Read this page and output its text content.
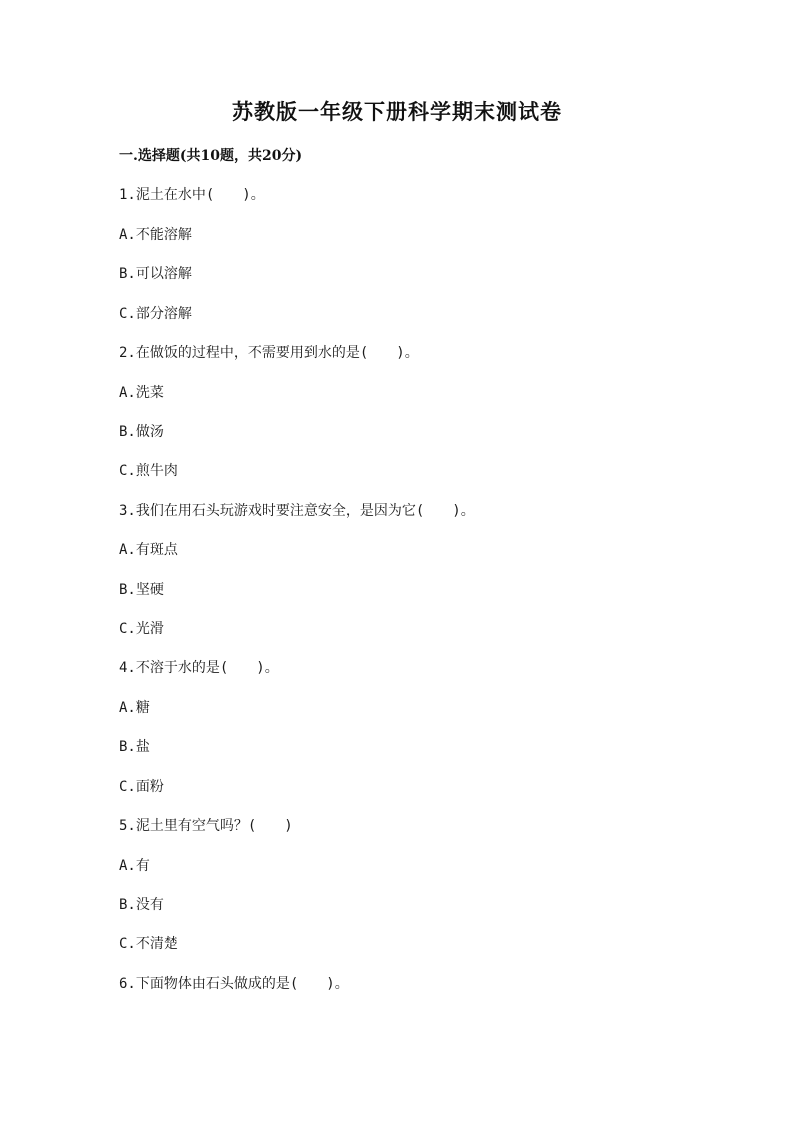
苏教版一年级下册科学期末测试卷
一.选择题(共10题，共20分)
1.泥土在水中(　　)。
A.不能溶解
B.可以溶解
C.部分溶解
2.在做饭的过程中，不需要用到水的是(　　)。
A.洗菜
B.做汤
C.煎牛肉
3.我们在用石头玩游戏时要注意安全，是因为它(　　)。
A.有斑点
B.坚硬
C.光滑
4.不溶于水的是(　　)。
A.糖
B.盐
C.面粉
5.泥土里有空气吗？(　　)
A.有
B.没有
C.不清楚
6.下面物体由石头做成的是(　　)。
